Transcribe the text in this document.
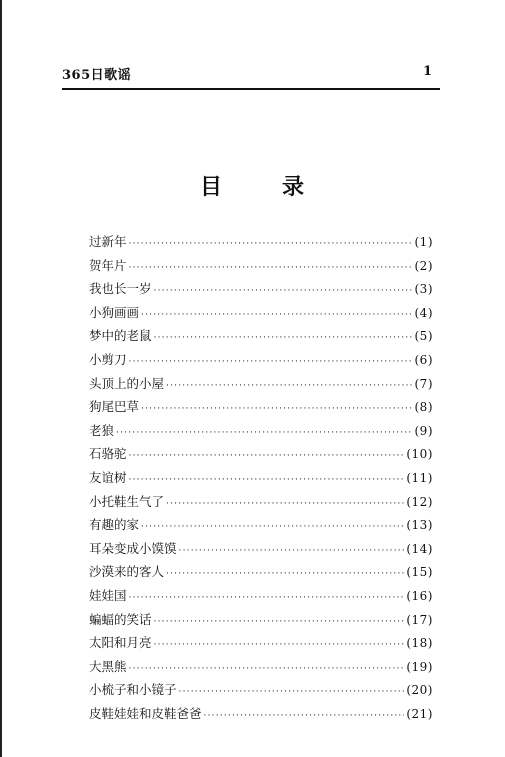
365日歌谣	1
目	录
过新年 ·····	(1)
贺年片 ·····	(2)
我也长一岁 ·····	(3)
小狗画画 ·····	(4)
梦中的老鼠 ·····	(5)
小剪刀 ·····	(6)
头顶上的小屋 ·····	(7)
狗尾巴草 ·····	(8)
老狼 ·····	(9)
石骆驼 ·····	(10)
友谊树 ·····	(11)
小托鞋生气了 ·····	(12)
有趣的家 ·····	(13)
耳朵变成小馍馍 ·····	(14)
沙漠来的客人 ·····	(15)
娃娃国 ·····	(16)
蝙蝠的笑话 ·····	(17)
太阳和月亮 ·····	(18)
大黑熊 ·····	(19)
小梳子和小镜子 ·····	(20)
皮鞋娃娃和皮鞋爸爸 ·····	(21)
